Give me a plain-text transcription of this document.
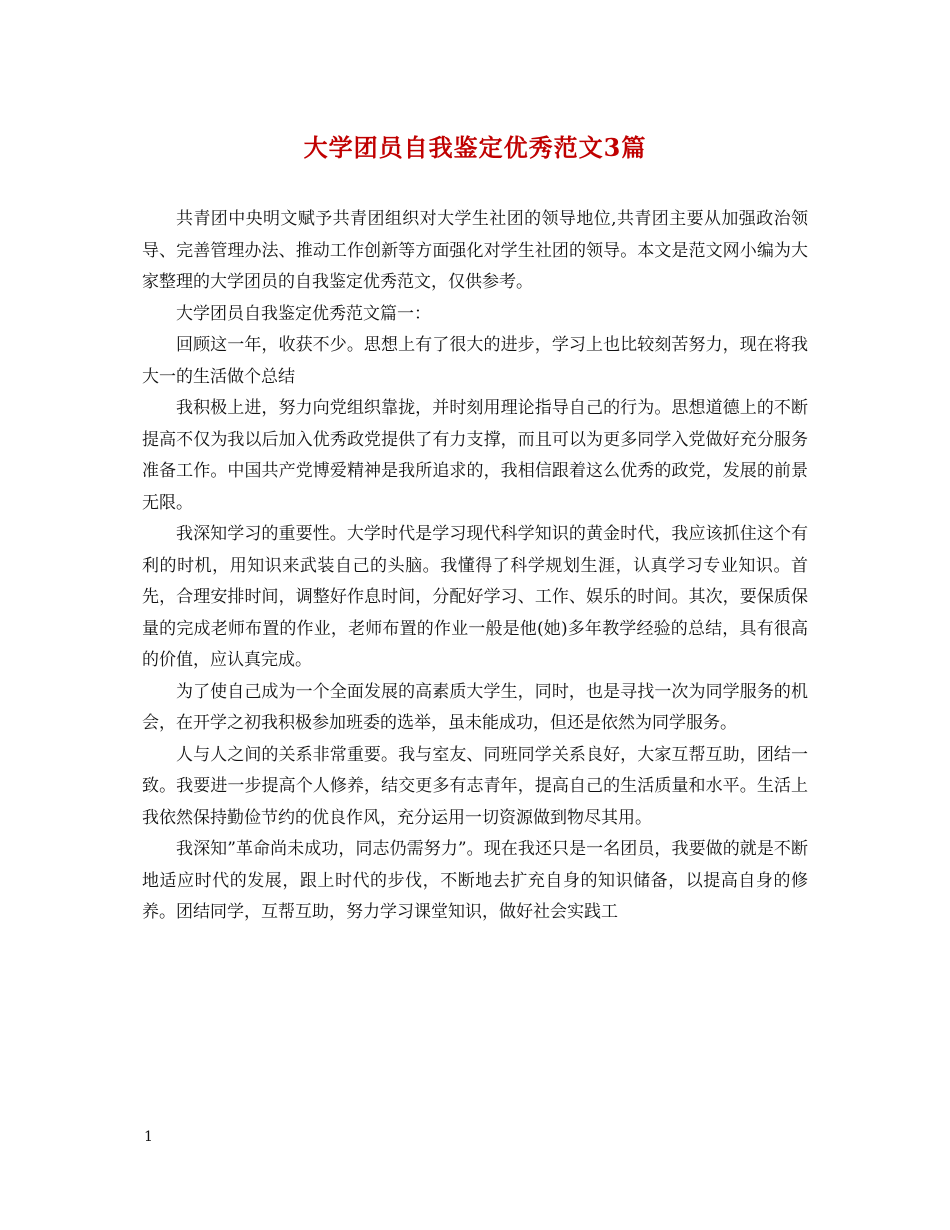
大学团员自我鉴定优秀范文3篇

共青团中央明文赋予共青团组织对大学生社团的领导地位,共青团主要从加强政治领导、完善管理办法、推动工作创新等方面强化对学生社团的领导。本文是范文网小编为大家整理的大学团员的自我鉴定优秀范文，仅供参考。

大学团员自我鉴定优秀范文篇一：

回顾这一年，收获不少。思想上有了很大的进步，学习上也比较刻苦努力，现在将我大一的生活做个总结

我积极上进，努力向党组织靠拢，并时刻用理论指导自己的行为。思想道德上的不断提高不仅为我以后加入优秀政党提供了有力支撑，而且可以为更多同学入党做好充分服务准备工作。中国共产党博爱精神是我所追求的，我相信跟着这么优秀的政党，发展的前景无限。

我深知学习的重要性。大学时代是学习现代科学知识的黄金时代，我应该抓住这个有利的时机，用知识来武装自己的头脑。我懂得了科学规划生涯，认真学习专业知识。首先，合理安排时间，调整好作息时间，分配好学习、工作、娱乐的时间。其次，要保质保量的完成老师布置的作业，老师布置的作业一般是他(她)多年教学经验的总结，具有很高的价值，应认真完成。

为了使自己成为一个全面发展的高素质大学生，同时，也是寻找一次为同学服务的机会，在开学之初我积极参加班委的选举，虽未能成功，但还是依然为同学服务。

人与人之间的关系非常重要。我与室友、同班同学关系良好，大家互帮互助，团结一致。我要进一步提高个人修养，结交更多有志青年，提高自己的生活质量和水平。生活上我依然保持勤俭节约的优良作风，充分运用一切资源做到物尽其用。

我深知”革命尚未成功，同志仍需努力”。现在我还只是一名团员，我要做的就是不断地适应时代的发展，跟上时代的步伐，不断地去扩充自身的知识储备，以提高自身的修养。团结同学，互帮互助，努力学习课堂知识，做好社会实践工

1
